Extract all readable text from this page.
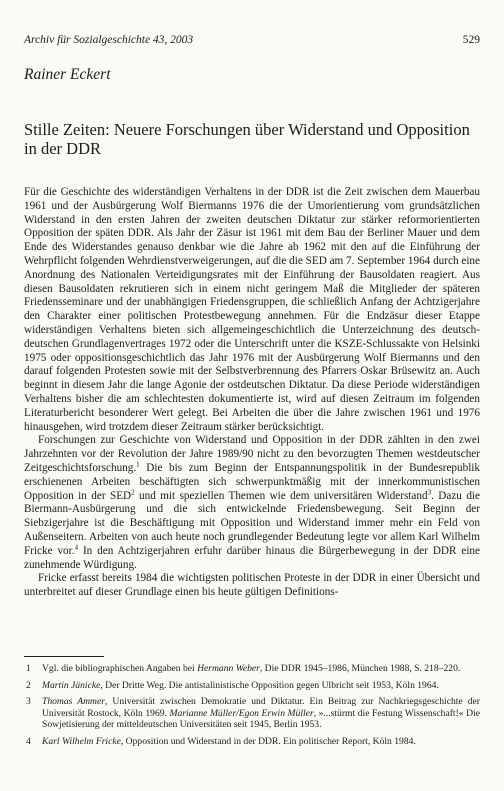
Archiv für Sozialgeschichte 43, 2003	529
Rainer Eckert
Stille Zeiten: Neuere Forschungen über Widerstand und Opposition in der DDR

Für die Geschichte des widerständigen Verhaltens in der DDR ist die Zeit zwischen dem Mauerbau 1961 und der Ausbürgerung Wolf Biermanns 1976 die der Umorientierung vom grundsätzlichen Widerstand in den ersten Jahren der zweiten deutschen Diktatur zur stärker reformorientierten Opposition der späten DDR. Als Jahr der Zäsur ist 1961 mit dem Bau der Berliner Mauer und dem Ende des Widerstandes genauso denkbar wie die Jahre ab 1962 mit den auf die Einführung der Wehrpflicht folgenden Wehrdienstverweigerungen, auf die die SED am 7. September 1964 durch eine Anordnung des Nationalen Verteidigungsrates mit der Einführung der Bausoldaten reagiert. Aus diesen Bausoldaten rekrutieren sich in einem nicht geringem Maß die Mitglieder der späteren Friedensseminare und der unabhängigen Friedensgruppen, die schließlich Anfang der Achtzigerjahre den Charakter einer politischen Protestbewegung annehmen. Für die Endzäsur dieser Etappe widerständigen Verhaltens bieten sich allgemeingeschichtlich die Unterzeichnung des deutsch-deutschen Grundlagenvertrages 1972 oder die Unterschrift unter die KSZE-Schlussakte von Helsinki 1975 oder oppositionsgeschichtlich das Jahr 1976 mit der Ausbürgerung Wolf Biermanns und den darauf folgenden Protesten sowie mit der Selbstverbrennung des Pfarrers Oskar Brüsewitz an. Auch beginnt in diesem Jahr die lange Agonie der ostdeutschen Diktatur. Da diese Periode widerständigen Verhaltens bisher die am schlechtesten dokumentierte ist, wird auf diesen Zeitraum im folgenden Literaturbericht besonderer Wert gelegt. Bei Arbeiten die über die Jahre zwischen 1961 und 1976 hinausgehen, wird trotzdem dieser Zeitraum stärker berücksichtigt.

Forschungen zur Geschichte von Widerstand und Opposition in der DDR zählten in den zwei Jahrzehnten vor der Revolution der Jahre 1989/90 nicht zu den bevorzugten Themen westdeutscher Zeitgeschichtsforschung.$^1$ Die bis zum Beginn der Entspannungspolitik in der Bundesrepublik erschienenen Arbeiten beschäftigten sich schwerpunktmäßig mit der innerkommunistischen Opposition in der SED$^2$ und mit speziellen Themen wie dem universitären Widerstand$^3$. Dazu die Biermann-Ausbürgerung und die sich entwickelnde Friedensbewegung. Seit Beginn der Siebzigerjahre ist die Beschäftigung mit Opposition und Widerstand immer mehr ein Feld von Außenseitern. Arbeiten von auch heute noch grundlegender Bedeutung legte vor allem Karl Wilhelm Fricke vor.$^4$ In den Achtzigerjahren erfuhr darüber hinaus die Bürgerbewegung in der DDR eine zunehmende Würdigung.

Fricke erfasst bereits 1984 die wichtigsten politischen Proteste in der DDR in einer Übersicht und unterbreitet auf dieser Grundlage einen bis heute gültigen Definitions-

1 Vgl. die bibliographischen Angaben bei Hermann Weber, Die DDR 1945–1986, München 1988, S. 218–220.
2 Martin Jänicke, Der Dritte Weg. Die antistalinistische Opposition gegen Ulbricht seit 1953, Köln 1964.
3 Thomas Ammer, Universität zwischen Demokratie und Diktatur. Ein Beitrag zur Nachkriegsgeschichte der Universität Rostock, Köln 1969. Marianne Müller/Egon Erwin Müller, »...stürmt die Festung Wissenschaft!« Die Sowjetisierung der mitteldeutschen Universitäten seit 1945, Berlin 1953.
4 Karl Wilhelm Fricke, Opposition und Widerstand in der DDR. Ein politischer Report, Köln 1984.
